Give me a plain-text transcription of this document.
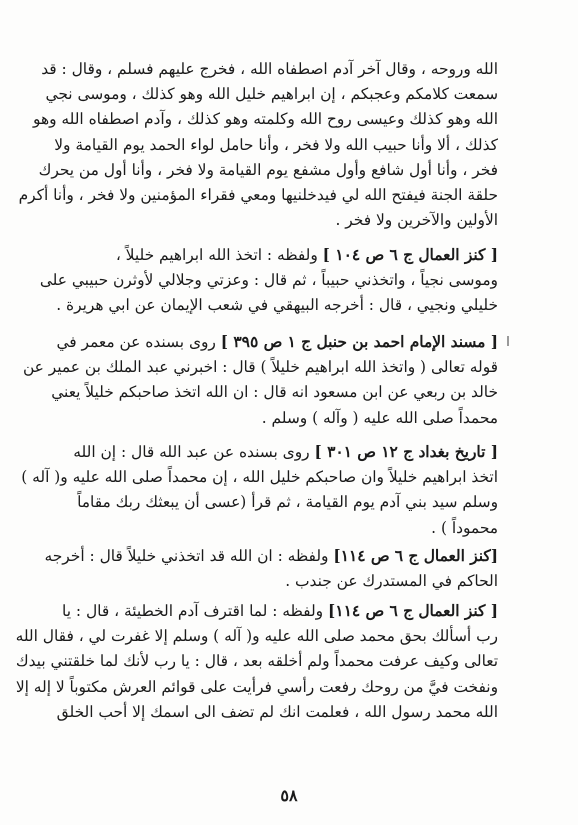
الله وروحه ، وقال آخر آدم اصطفاه الله ، فخرج عليهم فسلم ، وقال : قد
سمعت كلامكم وعجبكم ، إن ابراهيم خليل الله وهو كذلك ، وموسى نجي
الله وهو كذلك وعيسى روح الله وكلمته وهو كذلك ، وآدم اصطفاه الله وهو
كذلك ، ألا وأنا حبيب الله ولا فخر ، وأنا حامل لواء الحمد يوم القيامة ولا
فخر ، وأنا أول شافع وأول مشفع يوم القيامة ولا فخر ، وأنا أول من يحرك
حلقة الجنة فيفتح الله لي فيدخلنيها ومعي فقراء المؤمنين ولا فخر ، وأنا أكرم
الأولين والآخرين ولا فخر .

[ كنز العمال ج ٦ ص ١٠٤ ] ولفظه : اتخذ الله ابراهيم خليلاً ،
وموسى نجياً ، واتخذني حبيباً ، ثم قال : وعزتي وجلالي لأوثرن حبيبي على
خليلي ونجيي ، قال : أخرجه البيهقي في شعب الإيمان عن ابي هريرة .

[ مسند الإمام احمد بن حنبل ج ١ ص ٣٩٥ ] روى بسنده عن معمر في
قوله تعالى ( واتخذ الله ابراهيم خليلاً ) قال : اخبرني عبد الملك بن عمير عن
خالد بن ربعي عن ابن مسعود انه قال : ان الله اتخذ صاحبكم خليلاً يعني
محمداً صلى الله عليه ( وآله ) وسلم .

[ تاريخ بغداد ج ١٢ ص ٣٠١ ] روى بسنده عن عبد الله قال : إن الله
اتخذ ابراهيم خليلاً وان صاحبكم خليل الله ، إن محمداً صلى الله عليه و( آله )
وسلم سيد بني آدم يوم القيامة ، ثم قرأ (عسى أن يبعثك ربك مقاماً
محموداً ) .

[كنز العمال ج ٦ ص ١١٤] ولفظه : ان الله قد اتخذني خليلاً قال : أخرجه
الحاكم في المستدرك عن جندب .

[ كنز العمال ج ٦ ص ١١٤] ولفظه : لما اقترف آدم الخطيئة ، قال : يا
رب أسألك بحق محمد صلى الله عليه و( آله ) وسلم إلا غفرت لي ، فقال الله
تعالى وكيف عرفت محمداً ولم أخلقه بعد ، قال : يا رب لأنك لما خلقتني بيدك
ونفخت فيَّ من روحك رفعت رأسي فرأيت على قوائم العرش مكتوباً لا إله إلا
الله محمد رسول الله ، فعلمت انك لم تضف الى اسمك إلا أحب الخلق

٥٨
